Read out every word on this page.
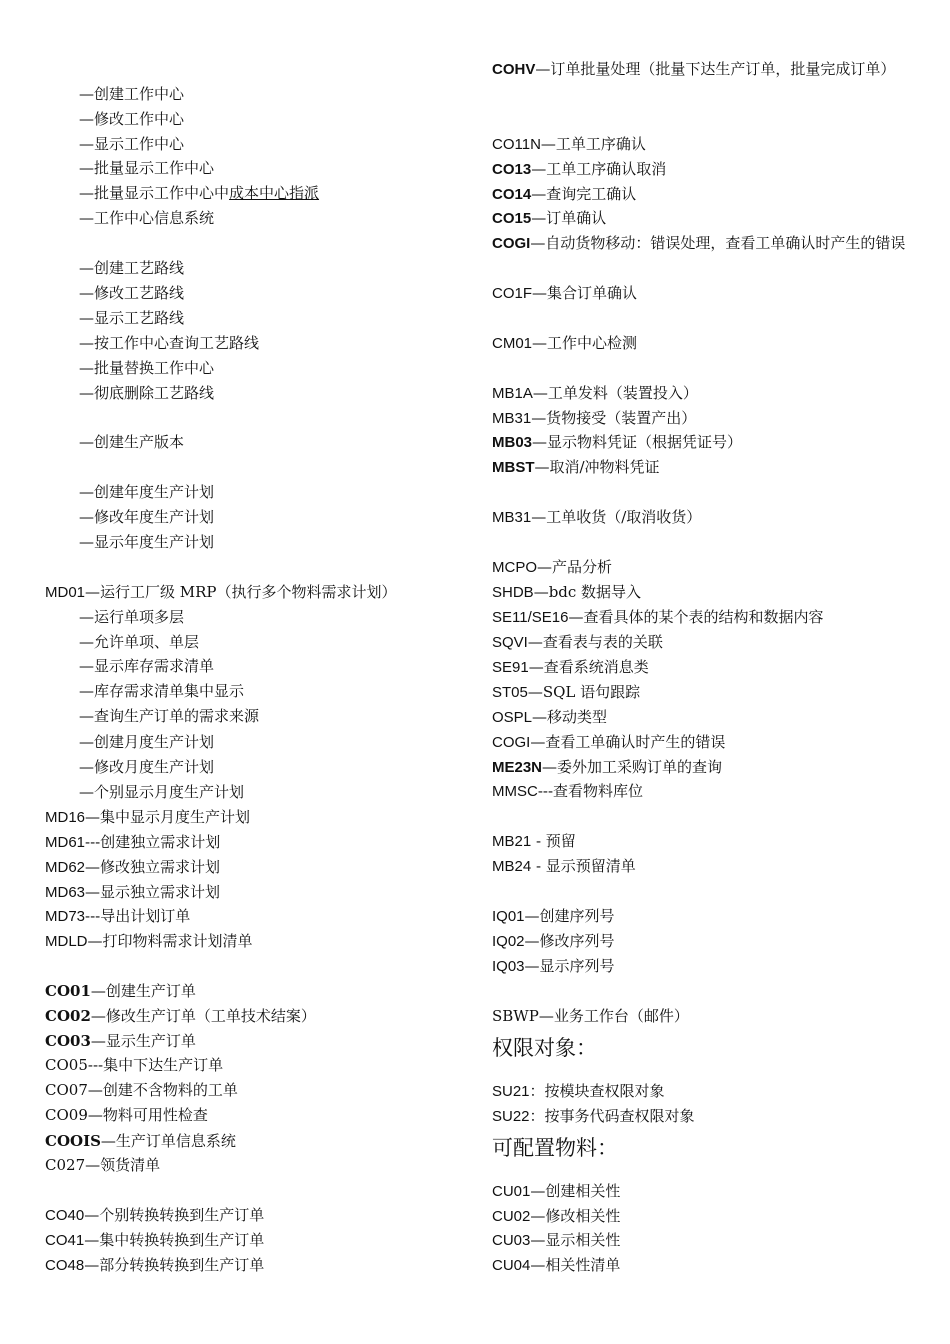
—创建工作中心
—修改工作中心
—显示工作中心
—批量显示工作中心
—批量显示工作中心中成本中心指派
—工作中心信息系统
—创建工艺路线
—修改工艺路线
—显示工艺路线
—按工作中心查询工艺路线
—批量替换工作中心
—彻底删除工艺路线
—创建生产版本
—创建年度生产计划
—修改年度生产计划
—显示年度生产计划
MD01—运行工厂级 MRP（执行多个物料需求计划）
—运行单项多层
—允许单项、单层
—显示库存需求清单
—库存需求清单集中显示
—查询生产订单的需求来源
—创建月度生产计划
—修改月度生产计划
—个别显示月度生产计划
MD16—集中显示月度生产计划
MD61---创建独立需求计划
MD62—修改独立需求计划
MD63—显示独立需求计划
MD73---导出计划订单
MDLD—打印物料需求计划清单
CO01—创建生产订单
CO02—修改生产订单（工单技术结案）
CO03—显示生产订单
CO05---集中下达生产订单
CO07—创建不含物料的工单
CO09—物料可用性检查
COOIS—生产订单信息系统
C027—领货清单
CO40—个别转换转换到生产订单
CO41—集中转换转换到生产订单
CO48—部分转换转换到生产订单
COHV—订单批量处理（批量下达生产订单，批量完成订单）
CO11N—工单工序确认
CO13—工单工序确认取消
CO14—查询完工确认
CO15—订单确认
COGI—自动货物移动：错误处理，查看工单确认时产生的错误
CO1F—集合订单确认
CM01—工作中心检测
MB1A—工单发料（装置投入）
MB31—货物接受（装置产出）
MB03—显示物料凭证（根据凭证号）
MBST—取消/冲物料凭证
MB31—工单收货（/取消收货）
MCPO—产品分析
SHDB—bdc 数据导入
SE11/SE16—查看具体的某个表的结构和数据内容
SQVI—查看表与表的关联
SE91—查看系统消息类
ST05—SQL 语句跟踪
OSPL—移动类型
COGI—查看工单确认时产生的错误
ME23N—委外加工采购订单的查询
MMSC---查看物料库位
MB21 - 预留
MB24 - 显示预留清单
IQ01—创建序列号
IQ02—修改序列号
IQ03—显示序列号
SBWP—业务工作台（邮件）
权限对象：
SU21：按模块查权限对象
SU22：按事务代码查权限对象
可配置物料：
CU01—创建相关性
CU02—修改相关性
CU03—显示相关性
CU04—相关性清单
